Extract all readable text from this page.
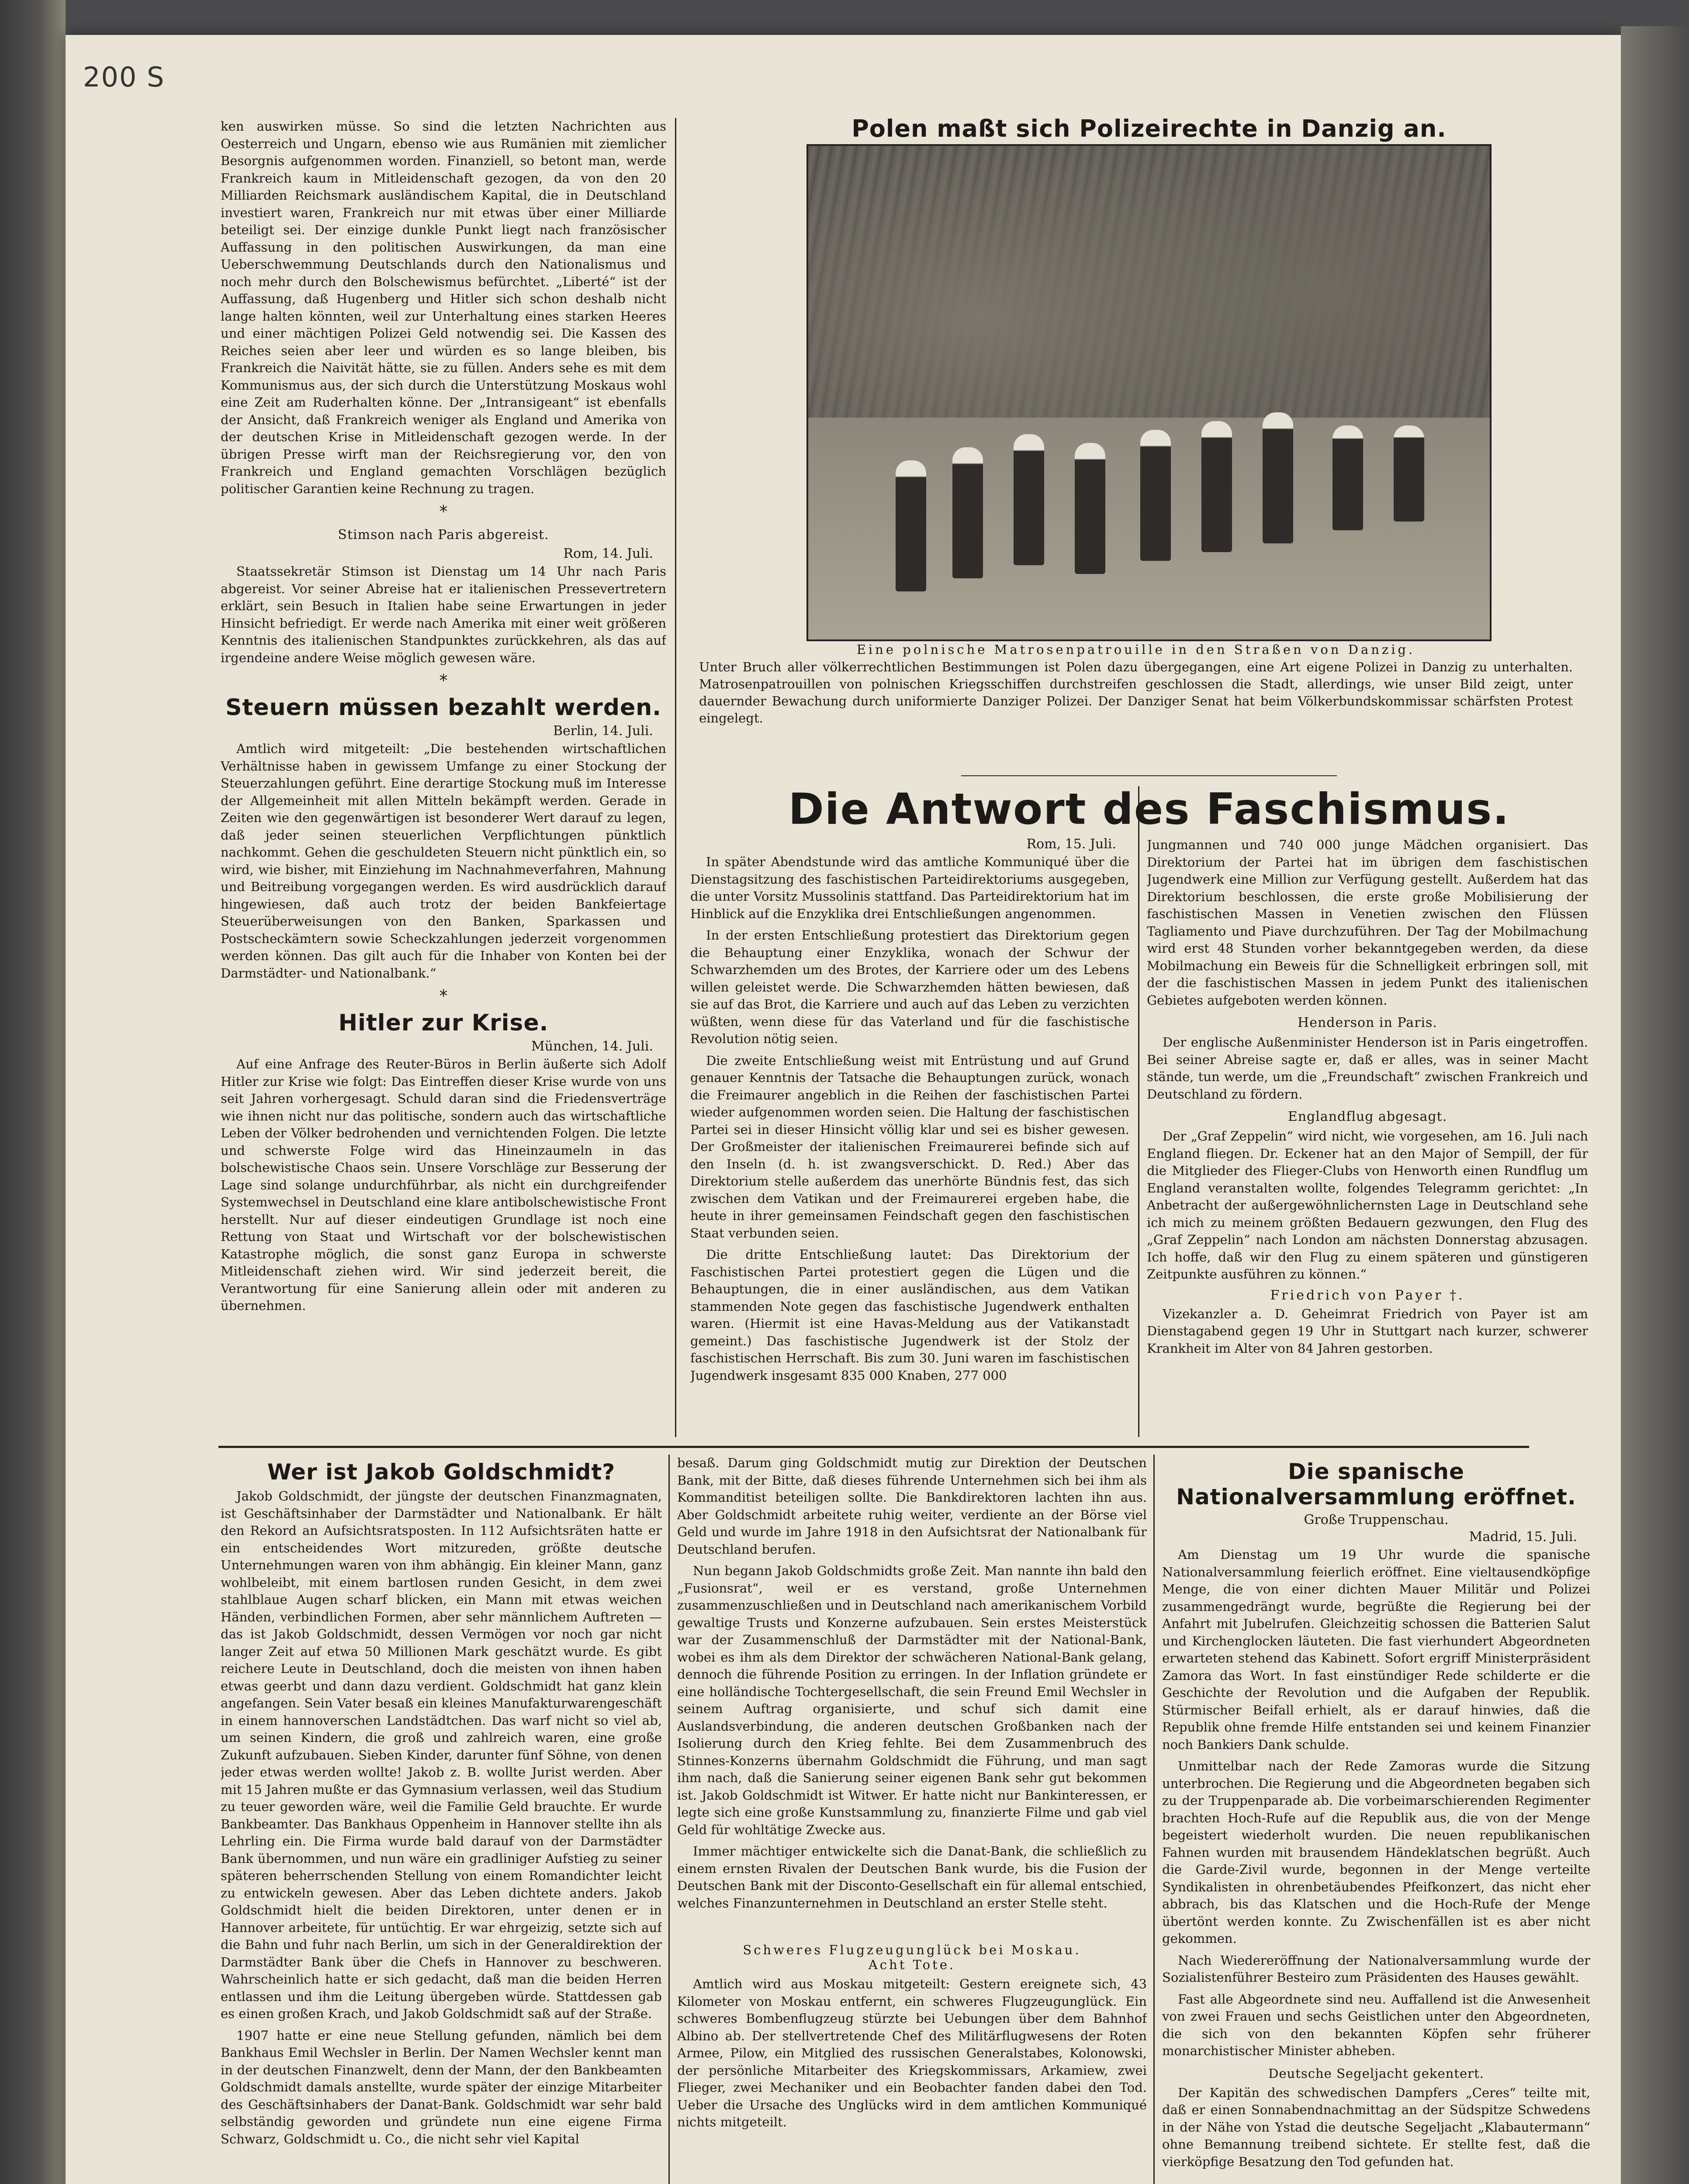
200 S

ken auswirken müsse. So sind die letzten Nachrichten aus Oesterreich und Ungarn, ebenso wie aus Rumänien mit ziemlicher Besorgnis aufgenommen worden. Finanziell, so betont man, werde Frankreich kaum in Mitleidenschaft gezogen, da von den 20 Milliarden Reichsmark ausländischem Kapital, die in Deutschland investiert waren, Frankreich nur mit etwas über einer Milliarde beteiligt sei. Der einzige dunkle Punkt liegt nach französischer Auffassung in den politischen Auswirkungen, da man eine Ueberschwemmung Deutschlands durch den Nationalismus und noch mehr durch den Bolschewismus befürchtet. „Liberté“ ist der Auffassung, daß Hugenberg und Hitler sich schon deshalb nicht lange halten könnten, weil zur Unterhaltung eines starken Heeres und einer mächtigen Polizei Geld notwendig sei. Die Kassen des Reiches seien aber leer und würden es so lange bleiben, bis Frankreich die Naivität hätte, sie zu füllen. Anders sehe es mit dem Kommunismus aus, der sich durch die Unterstützung Moskaus wohl eine Zeit am Ruderhalten könne. Der „Intransigeant“ ist ebenfalls der Ansicht, daß Frankreich weniger als England und Amerika von der deutschen Krise in Mitleidenschaft gezogen werde. In der übrigen Presse wirft man der Reichsregierung vor, den von Frankreich und England gemachten Vorschlägen bezüglich politischer Garantien keine Rechnung zu tragen.

*
Stimson nach Paris abgereist.
Rom, 14. Juli.

Staatssekretär Stimson ist Dienstag um 14 Uhr nach Paris abgereist. Vor seiner Abreise hat er italienischen Pressevertretern erklärt, sein Besuch in Italien habe seine Erwartungen in jeder Hinsicht befriedigt. Er werde nach Amerika mit einer weit größeren Kenntnis des italienischen Standpunktes zurückkehren, als das auf irgendeine andere Weise möglich gewesen wäre.

*
Steuern müssen bezahlt werden.
Berlin, 14. Juli.

Amtlich wird mitgeteilt: „Die bestehenden wirtschaftlichen Verhältnisse haben in gewissem Umfange zu einer Stockung der Steuerzahlungen geführt. Eine derartige Stockung muß im Interesse der Allgemeinheit mit allen Mitteln bekämpft werden. Gerade in Zeiten wie den gegenwärtigen ist besonderer Wert darauf zu legen, daß jeder seinen steuerlichen Verpflichtungen pünktlich nachkommt. Gehen die geschuldeten Steuern nicht pünktlich ein, so wird, wie bisher, mit Einziehung im Nachnahmeverfahren, Mahnung und Beitreibung vorgegangen werden. Es wird ausdrücklich darauf hingewiesen, daß auch trotz der beiden Bankfeiertage Steuerüberweisungen von den Banken, Sparkassen und Postscheckämtern sowie Scheckzahlungen jederzeit vorgenommen werden können. Das gilt auch für die Inhaber von Konten bei der Darmstädter- und Nationalbank.“

*
Hitler zur Krise.
München, 14. Juli.

Auf eine Anfrage des Reuter-Büros in Berlin äußerte sich Adolf Hitler zur Krise wie folgt: Das Eintreffen dieser Krise wurde von uns seit Jahren vorhergesagt. Schuld daran sind die Friedensverträge wie ihnen nicht nur das politische, sondern auch das wirtschaftliche Leben der Völker bedrohenden und vernichtenden Folgen. Die letzte und schwerste Folge wird das Hineinzaumeln in das bolschewistische Chaos sein. Unsere Vorschläge zur Besserung der Lage sind solange undurchführbar, als nicht ein durchgreifender Systemwechsel in Deutschland eine klare antibolschewistische Front herstellt. Nur auf dieser eindeutigen Grundlage ist noch eine Rettung von Staat und Wirtschaft vor der bolschewistischen Katastrophe möglich, die sonst ganz Europa in schwerste Mitleidenschaft ziehen wird. Wir sind jederzeit bereit, die Verantwortung für eine Sanierung allein oder mit anderen zu übernehmen.

Polen maßt sich Polizeirechte in Danzig an.
Eine polnische Matrosenpatrouille in den Straßen von Danzig.

Unter Bruch aller völkerrechtlichen Bestimmungen ist Polen dazu übergegangen, eine Art eigene Polizei in Danzig zu unterhalten. Matrosenpatrouillen von polnischen Kriegsschiffen durchstreifen geschlossen die Stadt, allerdings, wie unser Bild zeigt, unter dauernder Bewachung durch uniformierte Danziger Polizei. Der Danziger Senat hat beim Völkerbundskommissar schärfsten Protest eingelegt.

Die Antwort des Faschismus.
Rom, 15. Juli.

In später Abendstunde wird das amtliche Kommuniqué über die Dienstagsitzung des faschistischen Parteidirektoriums ausgegeben, die unter Vorsitz Mussolinis stattfand. Das Parteidirektorium hat im Hinblick auf die Enzyklika drei Entschließungen angenommen.

In der ersten Entschließung protestiert das Direktorium gegen die Behauptung einer Enzyklika, wonach der Schwur der Schwarzhemden um des Brotes, der Karriere oder um des Lebens willen geleistet werde. Die Schwarzhemden hätten bewiesen, daß sie auf das Brot, die Karriere und auch auf das Leben zu verzichten wüßten, wenn diese für das Vaterland und für die faschistische Revolution nötig seien.

Die zweite Entschließung weist mit Entrüstung und auf Grund genauer Kenntnis der Tatsache die Behauptungen zurück, wonach die Freimaurer angeblich in die Reihen der faschistischen Partei wieder aufgenommen worden seien. Die Haltung der faschistischen Partei sei in dieser Hinsicht völlig klar und sei es bisher gewesen. Der Großmeister der italienischen Freimaurerei befinde sich auf den Inseln (d. h. ist zwangsverschickt. D. Red.) Aber das Direktorium stelle außerdem das unerhörte Bündnis fest, das sich zwischen dem Vatikan und der Freimaurerei ergeben habe, die heute in ihrer gemeinsamen Feindschaft gegen den faschistischen Staat verbunden seien.

Die dritte Entschließung lautet: Das Direktorium der Faschistischen Partei protestiert gegen die Lügen und die Behauptungen, die in einer ausländischen, aus dem Vatikan stammenden Note gegen das faschistische Jugendwerk enthalten waren. (Hiermit ist eine Havas-Meldung aus der Vatikanstadt gemeint.) Das faschistische Jugendwerk ist der Stolz der faschistischen Herrschaft. Bis zum 30. Juni waren im faschistischen Jugendwerk insgesamt 835 000 Knaben, 277 000

Jungmannen und 740 000 junge Mädchen organisiert. Das Direktorium der Partei hat im übrigen dem faschistischen Jugendwerk eine Million zur Verfügung gestellt. Außerdem hat das Direktorium beschlossen, die erste große Mobilisierung der faschistischen Massen in Venetien zwischen den Flüssen Tagliamento und Piave durchzuführen. Der Tag der Mobilmachung wird erst 48 Stunden vorher bekanntgegeben werden, da diese Mobilmachung ein Beweis für die Schnelligkeit erbringen soll, mit der die faschistischen Massen in jedem Punkt des italienischen Gebietes aufgeboten werden können.

Henderson in Paris.

Der englische Außenminister Henderson ist in Paris eingetroffen. Bei seiner Abreise sagte er, daß er alles, was in seiner Macht stände, tun werde, um die „Freundschaft“ zwischen Frankreich und Deutschland zu fördern.

Englandflug abgesagt.

Der „Graf Zeppelin“ wird nicht, wie vorgesehen, am 16. Juli nach England fliegen. Dr. Eckener hat an den Major of Sempill, der für die Mitglieder des Flieger-Clubs von Henworth einen Rundflug um England veranstalten wollte, folgendes Telegramm gerichtet: „In Anbetracht der außergewöhnlichernsten Lage in Deutschland sehe ich mich zu meinem größten Bedauern gezwungen, den Flug des „Graf Zeppelin“ nach London am nächsten Donnerstag abzusagen. Ich hoffe, daß wir den Flug zu einem späteren und günstigeren Zeitpunkte ausführen zu können.“

Friedrich von Payer †.

Vizekanzler a. D. Geheimrat Friedrich von Payer ist am Dienstagabend gegen 19 Uhr in Stuttgart nach kurzer, schwerer Krankheit im Alter von 84 Jahren gestorben.

Wer ist Jakob Goldschmidt?

Jakob Goldschmidt, der jüngste der deutschen Finanzmagnaten, ist Geschäftsinhaber der Darmstädter und Nationalbank. Er hält den Rekord an Aufsichtsratsposten. In 112 Aufsichtsräten hatte er ein entscheidendes Wort mitzureden, größte deutsche Unternehmungen waren von ihm abhängig. Ein kleiner Mann, ganz wohlbeleibt, mit einem bartlosen runden Gesicht, in dem zwei stahlblaue Augen scharf blicken, ein Mann mit etwas weichen Händen, verbindlichen Formen, aber sehr männlichem Auftreten — das ist Jakob Goldschmidt, dessen Vermögen vor noch gar nicht langer Zeit auf etwa 50 Millionen Mark geschätzt wurde. Es gibt reichere Leute in Deutschland, doch die meisten von ihnen haben etwas geerbt und dann dazu verdient. Goldschmidt hat ganz klein angefangen. Sein Vater besaß ein kleines Manufakturwarengeschäft in einem hannoverschen Landstädtchen. Das warf nicht so viel ab, um seinen Kindern, die groß und zahlreich waren, eine große Zukunft aufzubauen. Sieben Kinder, darunter fünf Söhne, von denen jeder etwas werden wollte! Jakob z. B. wollte Jurist werden. Aber mit 15 Jahren mußte er das Gymnasium verlassen, weil das Studium zu teuer geworden wäre, weil die Familie Geld brauchte. Er wurde Bankbeamter. Das Bankhaus Oppenheim in Hannover stellte ihn als Lehrling ein. Die Firma wurde bald darauf von der Darmstädter Bank übernommen, und nun wäre ein gradliniger Aufstieg zu seiner späteren beherrschenden Stellung von einem Romandichter leicht zu entwickeln gewesen. Aber das Leben dichtete anders. Jakob Goldschmidt hielt die beiden Direktoren, unter denen er in Hannover arbeitete, für untüchtig. Er war ehrgeizig, setzte sich auf die Bahn und fuhr nach Berlin, um sich in der Generaldirektion der Darmstädter Bank über die Chefs in Hannover zu beschweren. Wahrscheinlich hatte er sich gedacht, daß man die beiden Herren entlassen und ihm die Leitung übergeben würde. Stattdessen gab es einen großen Krach, und Jakob Goldschmidt saß auf der Straße.

1907 hatte er eine neue Stellung gefunden, nämlich bei dem Bankhaus Emil Wechsler in Berlin. Der Namen Wechsler kennt man in der deutschen Finanzwelt, denn der Mann, der den Bankbeamten Goldschmidt damals anstellte, wurde später der einzige Mitarbeiter des Geschäftsinhabers der Danat-Bank. Goldschmidt war sehr bald selbständig geworden und gründete nun eine eigene Firma Schwarz, Goldschmidt u. Co., die nicht sehr viel Kapital

besaß. Darum ging Goldschmidt mutig zur Direktion der Deutschen Bank, mit der Bitte, daß dieses führende Unternehmen sich bei ihm als Kommanditist beteiligen sollte. Die Bankdirektoren lachten ihn aus. Aber Goldschmidt arbeitete ruhig weiter, verdiente an der Börse viel Geld und wurde im Jahre 1918 in den Aufsichtsrat der Nationalbank für Deutschland berufen.

Nun begann Jakob Goldschmidts große Zeit. Man nannte ihn bald den „Fusionsrat“, weil er es verstand, große Unternehmen zusammenzuschließen und in Deutschland nach amerikanischem Vorbild gewaltige Trusts und Konzerne aufzubauen. Sein erstes Meisterstück war der Zusammenschluß der Darmstädter mit der National-Bank, wobei es ihm als dem Direktor der schwächeren National-Bank gelang, dennoch die führende Position zu erringen. In der Inflation gründete er eine holländische Tochtergesellschaft, die sein Freund Emil Wechsler in seinem Auftrag organisierte, und schuf sich damit eine Auslandsverbindung, die anderen deutschen Großbanken nach der Isolierung durch den Krieg fehlte. Bei dem Zusammenbruch des Stinnes-Konzerns übernahm Goldschmidt die Führung, und man sagt ihm nach, daß die Sanierung seiner eigenen Bank sehr gut bekommen ist. Jakob Goldschmidt ist Witwer. Er hatte nicht nur Bankinteressen, er legte sich eine große Kunstsammlung zu, finanzierte Filme und gab viel Geld für wohltätige Zwecke aus.

Immer mächtiger entwickelte sich die Danat-Bank, die schließlich zu einem ernsten Rivalen der Deutschen Bank wurde, bis die Fusion der Deutschen Bank mit der Disconto-Gesellschaft ein für allemal entschied, welches Finanzunternehmen in Deutschland an erster Stelle steht.

Schweres Flugzeugunglück bei Moskau.
Acht Tote.

Amtlich wird aus Moskau mitgeteilt: Gestern ereignete sich, 43 Kilometer von Moskau entfernt, ein schweres Flugzeugunglück. Ein schweres Bombenflugzeug stürzte bei Uebungen über dem Bahnhof Albino ab. Der stellvertretende Chef des Militärflugwesens der Roten Armee, Pilow, ein Mitglied des russischen Generalstabes, Kolonowski, der persönliche Mitarbeiter des Kriegskommissars, Arkamiew, zwei Flieger, zwei Mechaniker und ein Beobachter fanden dabei den Tod. Ueber die Ursache des Unglücks wird in dem amtlichen Kommuniqué nichts mitgeteilt.

Die spanische Nationalversammlung eröffnet.
Große Truppenschau.
Madrid, 15. Juli.

Am Dienstag um 19 Uhr wurde die spanische Nationalversammlung feierlich eröffnet. Eine vieltausendköpfige Menge, die von einer dichten Mauer Militär und Polizei zusammengedrängt wurde, begrüßte die Regierung bei der Anfahrt mit Jubelrufen. Gleichzeitig schossen die Batterien Salut und Kirchenglocken läuteten. Die fast vierhundert Abgeordneten erwarteten stehend das Kabinett. Sofort ergriff Ministerpräsident Zamora das Wort. In fast einstündiger Rede schilderte er die Geschichte der Revolution und die Aufgaben der Republik. Stürmischer Beifall erhielt, als er darauf hinwies, daß die Republik ohne fremde Hilfe entstanden sei und keinem Finanzier noch Bankiers Dank schulde.

Unmittelbar nach der Rede Zamoras wurde die Sitzung unterbrochen. Die Regierung und die Abgeordneten begaben sich zu der Truppenparade ab. Die vorbeimarschierenden Regimenter brachten Hoch-Rufe auf die Republik aus, die von der Menge begeistert wiederholt wurden. Die neuen republikanischen Fahnen wurden mit brausendem Händeklatschen begrüßt. Auch die Garde-Zivil wurde, begonnen in der Menge verteilte Syndikalisten in ohrenbetäubendes Pfeifkonzert, das nicht eher abbrach, bis das Klatschen und die Hoch-Rufe der Menge übertönt werden konnte. Zu Zwischenfällen ist es aber nicht gekommen.

Nach Wiedereröffnung der Nationalversammlung wurde der Sozialistenführer Besteiro zum Präsidenten des Hauses gewählt.

Fast alle Abgeordnete sind neu. Auffallend ist die Anwesenheit von zwei Frauen und sechs Geistlichen unter den Abgeordneten, die sich von den bekannten Köpfen sehr früherer monarchistischer Minister abheben.

Deutsche Segeljacht gekentert.

Der Kapitän des schwedischen Dampfers „Ceres“ teilte mit, daß er einen Sonnabendnachmittag an der Südspitze Schwedens in der Nähe von Ystad die deutsche Segeljacht „Klabautermann“ ohne Bemannung treibend sichtete. Er stellte fest, daß die vierköpfige Besatzung den Tod gefunden hat.
